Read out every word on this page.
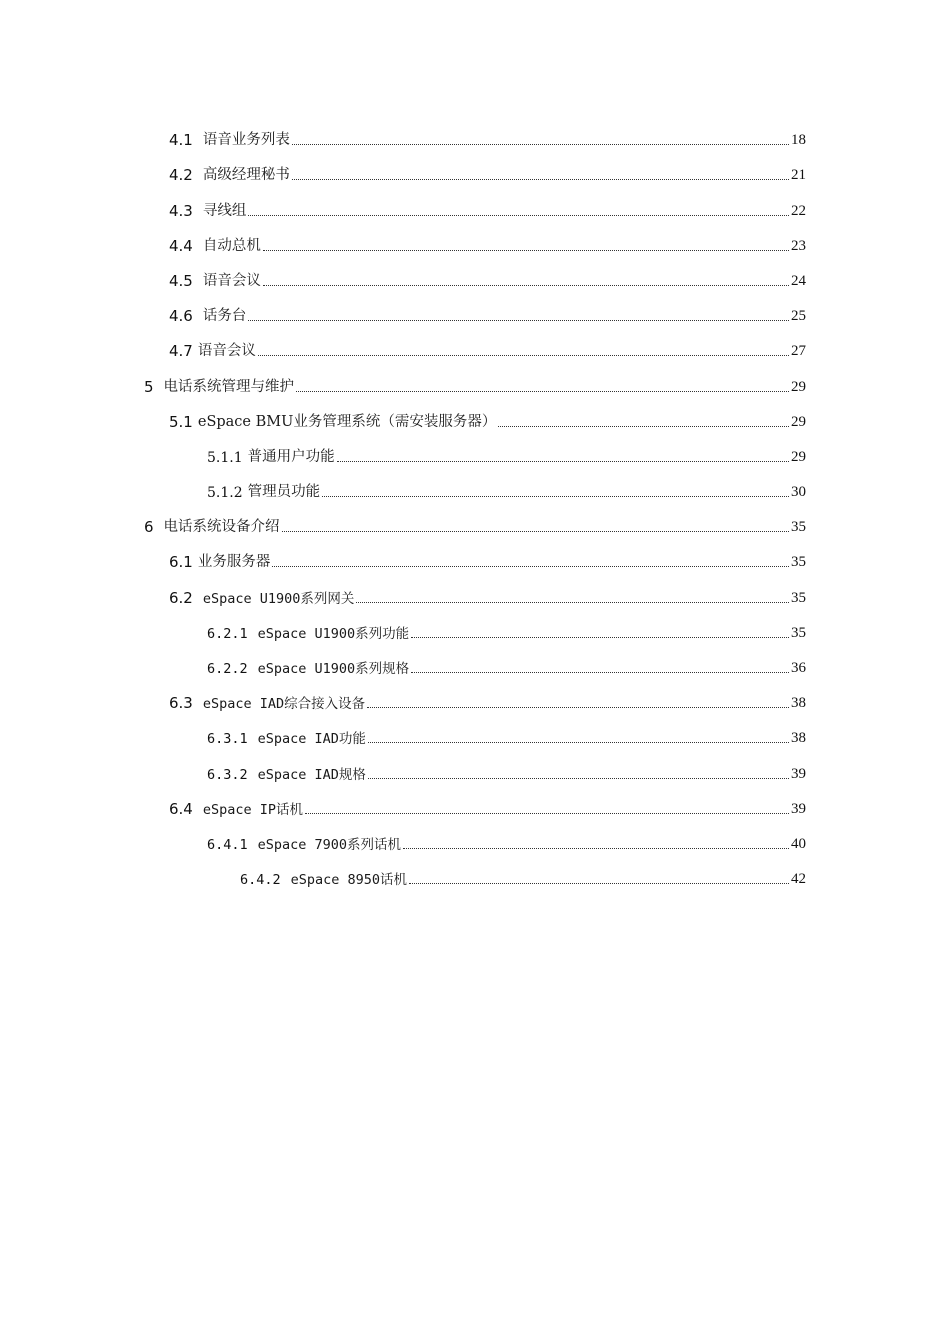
4.1 语音业务列表	18
4.2 高级经理秘书	21
4.3 寻线组	22
4.4 自动总机	23
4.5 语音会议	24
4.6 话务台	25
4.7 语音会议	27
5 电话系统管理与维护	29
5.1 eSpace BMU业务管理系统（需安装服务器）	29
5.1.1 普通用户功能	29
5.1.2 管理员功能	30
6 电话系统设备介绍	35
6.1 业务服务器	35
6.2 eSpace U1900系列网关	35
6.2.1 eSpace U1900系列功能	35
6.2.2 eSpace U1900系列规格	36
6.3 eSpace IAD综合接入设备	38
6.3.1 eSpace IAD功能	38
6.3.2 eSpace IAD规格	39
6.4 eSpace IP话机	39
6.4.1 eSpace 7900系列话机	40
6.4.2 eSpace 8950话机	42
